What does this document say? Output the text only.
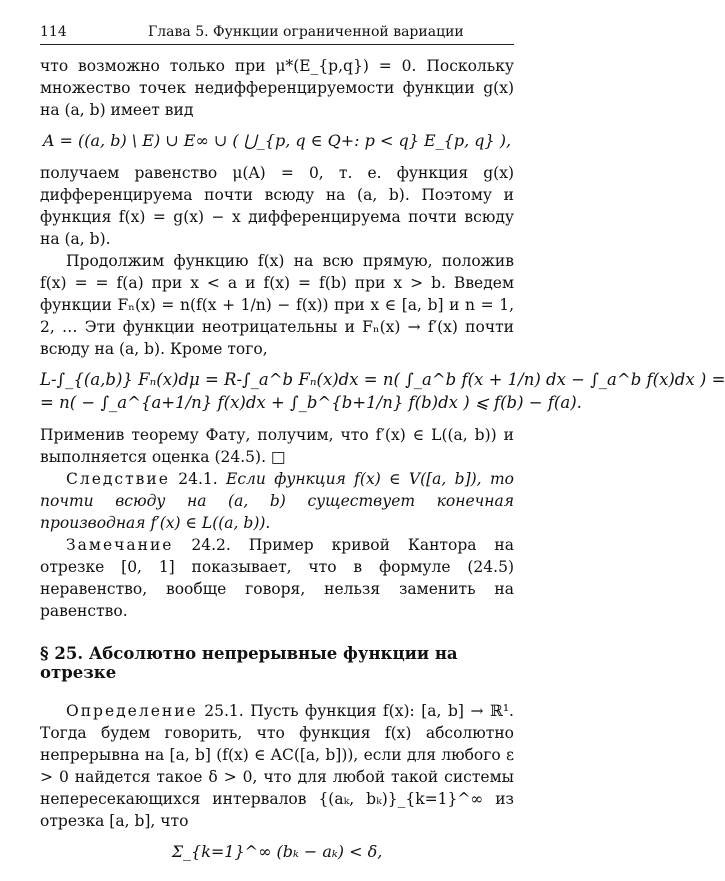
114	Глава 5. Функции ограниченной вариации

что возможно только при μ*(E_{p,q}) = 0. Поскольку множество точек недифференцируемости функции g(x) на (a, b) имеет вид

A = ((a, b) \ E) ∪ E∞ ∪ ( ⋃_{p, q ∈ Q+: p < q} E_{p, q} ),

получаем равенство μ(A) = 0, т. е. функция g(x) дифференцируема почти всюду на (a, b). Поэтому и функция f(x) = g(x) − x дифференцируема почти всюду на (a, b).

Продолжим функцию f(x) на всю прямую, положив f(x) = = f(a) при x < a и f(x) = f(b) при x > b. Введем функции Fₙ(x) = n(f(x + 1/n) − f(x)) при x ∈ [a, b] и n = 1, 2, … Эти функции неотрицательны и Fₙ(x) → f′(x) почти всюду на (a, b). Кроме того,

L-∫_{(a,b)} Fₙ(x)dμ = R-∫_a^b Fₙ(x)dx = n( ∫_a^b f(x + 1/n) dx − ∫_a^b f(x)dx ) =
= n( − ∫_a^{a+1/n} f(x)dx + ∫_b^{b+1/n} f(b)dx ) ⩽ f(b) − f(a).

Применив теорему Фату, получим, что f′(x) ∈ L((a, b)) и выполняется оценка (24.5). □

Следствие 24.1. Если функция f(x) ∈ V([a, b]), то почти всюду на (a, b) существует конечная производная f′(x) ∈ L((a, b)).

Замечание 24.2. Пример кривой Кантора на отрезке [0, 1] показывает, что в формуле (24.5) неравенство, вообще говоря, нельзя заменить на равенство.

§ 25. Абсолютно непрерывные функции на отрезке

Определение 25.1. Пусть функция f(x): [a, b] → ℝ¹. Тогда будем говорить, что функция f(x) абсолютно непрерывна на [a, b] (f(x) ∈ AC([a, b])), если для любого ε > 0 найдется такое δ > 0, что для любой такой системы непересекающихся интервалов {(aₖ, bₖ)}_{k=1}^∞ из отрезка [a, b], что

Σ_{k=1}^∞ (bₖ − aₖ) < δ,
